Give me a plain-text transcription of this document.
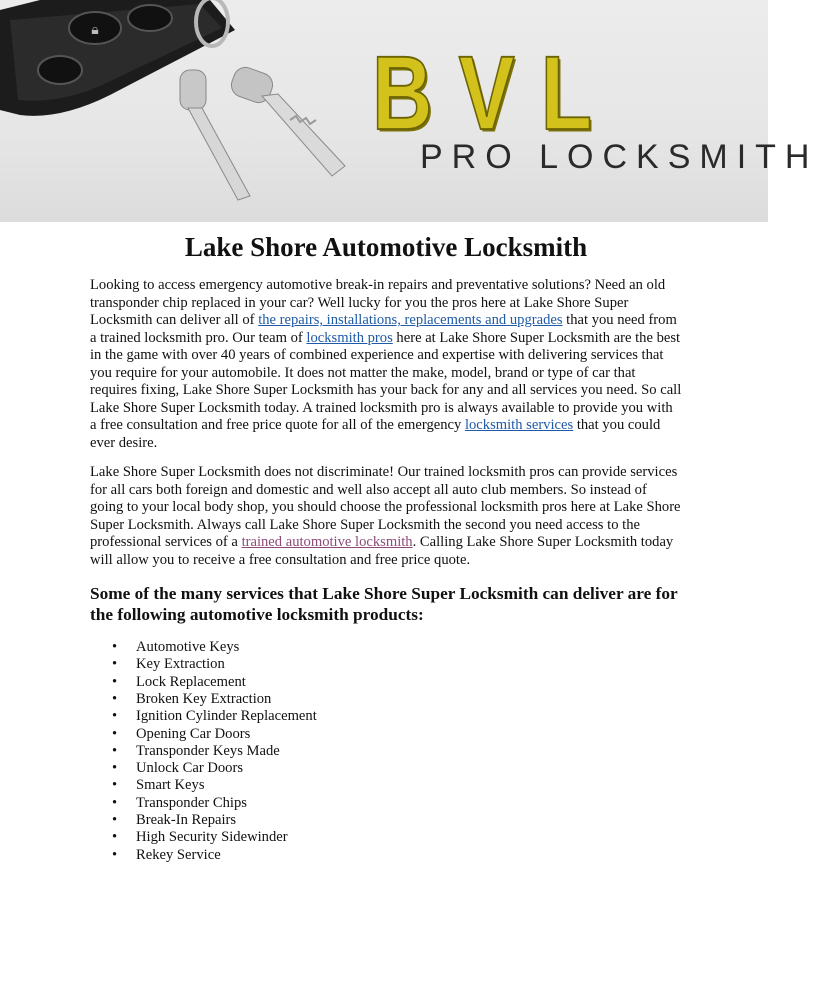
🔒︎
BVL
PRO LOCKSMITH
Lake Shore Automotive Locksmith

Looking to access emergency automotive break-in repairs and preventative solutions? Need an old transponder chip replaced in your car? Well lucky for you the pros here at Lake Shore Super Locksmith can deliver all of the repairs, installations, replacements and upgrades that you need from a trained locksmith pro. Our team of locksmith pros here at Lake Shore Super Locksmith are the best in the game with over 40 years of combined experience and expertise with delivering services that you require for your automobile. It does not matter the make, model, brand or type of car that requires fixing, Lake Shore Super Locksmith has your back for any and all services you need. So call Lake Shore Super Locksmith today. A trained locksmith pro is always available to provide you with a free consultation and free price quote for all of the emergency locksmith services that you could ever desire.

Lake Shore Super Locksmith does not discriminate! Our trained locksmith pros can provide services for all cars both foreign and domestic and well also accept all auto club members. So instead of going to your local body shop, you should choose the professional locksmith pros here at Lake Shore Super Locksmith. Always call Lake Shore Super Locksmith the second you need access to the professional services of a trained automotive locksmith. Calling Lake Shore Super Locksmith today will allow you to receive a free consultation and free price quote.

Some of the many services that Lake Shore Super Locksmith can deliver are for the following automotive locksmith products:
• Automotive Keys
• Key Extraction
• Lock Replacement
• Broken Key Extraction
• Ignition Cylinder Replacement
• Opening Car Doors
• Transponder Keys Made
• Unlock Car Doors
• Smart Keys
• Transponder Chips
• Break-In Repairs
• High Security Sidewinder
• Rekey Service
